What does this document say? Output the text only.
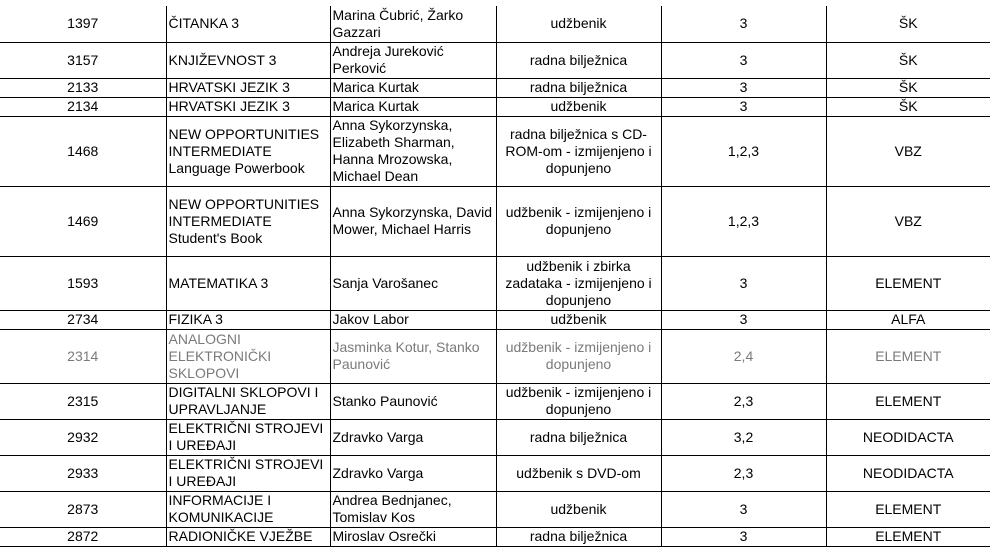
1397	ČITANKA 3	Marina Čubrić, Žarko Gazzari	udžbenik	3	ŠK
3157	KNJIŽEVNOST 3	Andreja Jureković Perković	radna bilježnica	3	ŠK
2133	HRVATSKI JEZIK 3	Marica Kurtak	radna bilježnica	3	ŠK
2134	HRVATSKI JEZIK 3	Marica Kurtak	udžbenik	3	ŠK
1468	NEW OPPORTUNITIES INTERMEDIATE Language Powerbook	Anna Sykorzynska, Elizabeth Sharman, Hanna Mrozowska, Michael Dean	radna bilježnica s CD-ROM-om - izmijenjeno i dopunjeno	1,2,3	VBZ
1469	NEW OPPORTUNITIES INTERMEDIATE Student's Book	Anna Sykorzynska, David Mower, Michael Harris	udžbenik - izmijenjeno i dopunjeno	1,2,3	VBZ
1593	MATEMATIKA 3	Sanja Varošanec	udžbenik i zbirka zadataka - izmijenjeno i dopunjeno	3	ELEMENT
2734	FIZIKA 3	Jakov Labor	udžbenik	3	ALFA
2314	ANALOGNI ELEKTRONIČKI SKLOPOVI	Jasminka Kotur, Stanko Paunović	udžbenik - izmijenjeno i dopunjeno	2,4	ELEMENT
2315	DIGITALNI SKLOPOVI I UPRAVLJANJE	Stanko Paunović	udžbenik - izmijenjeno i dopunjeno	2,3	ELEMENT
2932	ELEKTRIČNI STROJEVI I UREĐAJI	Zdravko Varga	radna bilježnica	3,2	NEODIDACTA
2933	ELEKTRIČNI STROJEVI I UREĐAJI	Zdravko Varga	udžbenik s DVD-om	2,3	NEODIDACTA
2873	INFORMACIJE I KOMUNIKACIJE	Andrea Bednjanec, Tomislav Kos	udžbenik	3	ELEMENT
2872	RADIONIČKE VJEŽBE	Miroslav Osrečki	radna bilježnica	3	ELEMENT
